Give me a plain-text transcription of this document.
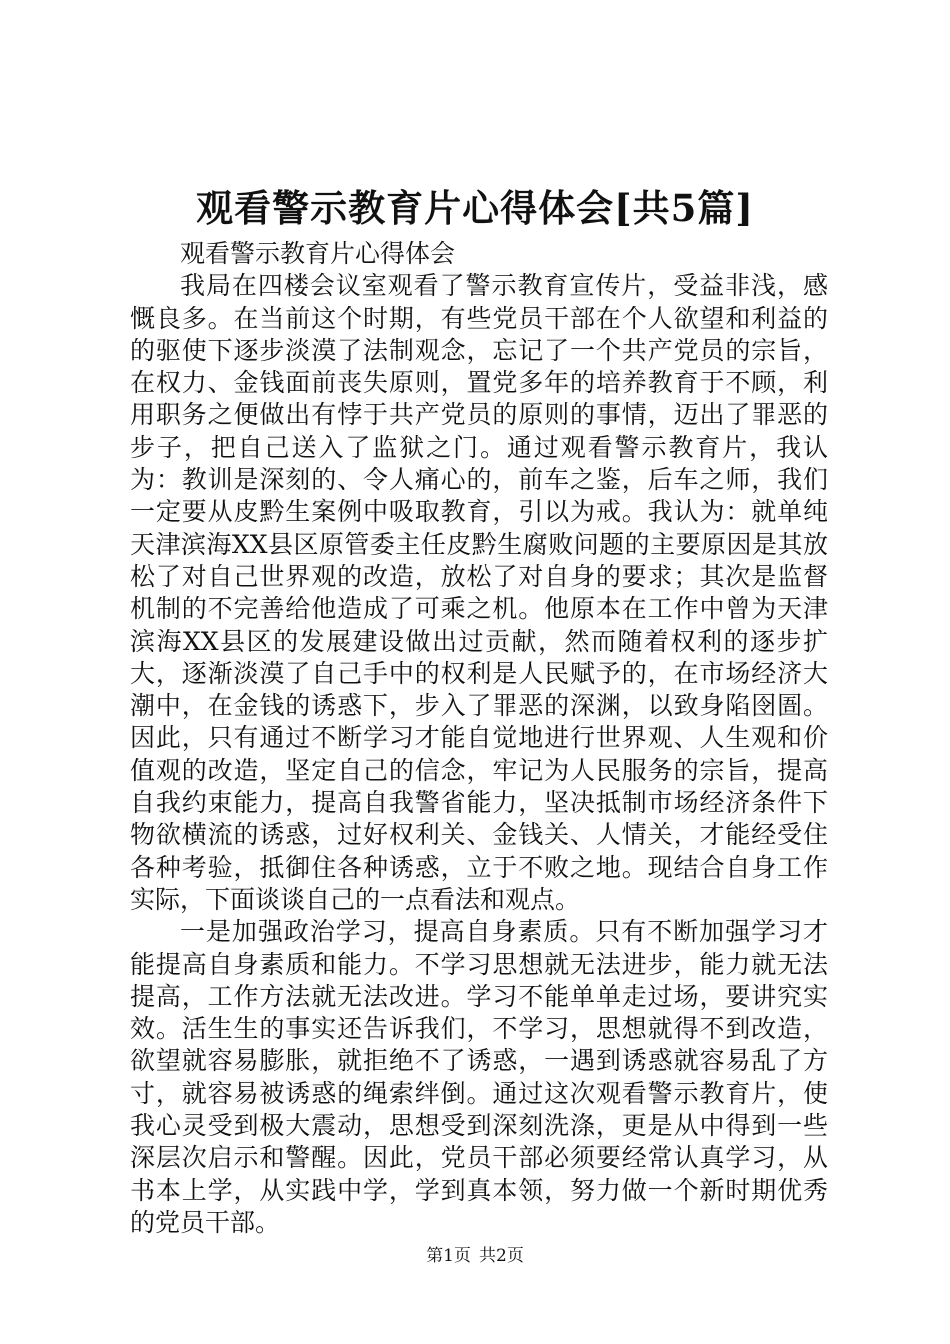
观看警示教育片心得体会[共5篇]

观看警示教育片心得体会

我局在四楼会议室观看了警示教育宣传片，受益非浅，感慨良多。在当前这个时期，有些党员干部在个人欲望和利益的的驱使下逐步淡漠了法制观念，忘记了一个共产党员的宗旨，在权力、金钱面前丧失原则，置党多年的培养教育于不顾，利用职务之便做出有悖于共产党员的原则的事情，迈出了罪恶的步子，把自己送入了监狱之门。通过观看警示教育片，我认为：教训是深刻的、令人痛心的，前车之鉴，后车之师，我们一定要从皮黔生案例中吸取教育，引以为戒。我认为：就单纯天津滨海XX县区原管委主任皮黔生腐败问题的主要原因是其放松了对自己世界观的改造，放松了对自身的要求；其次是监督机制的不完善给他造成了可乘之机。他原本在工作中曾为天津滨海XX县区的发展建设做出过贡献，然而随着权利的逐步扩大，逐渐淡漠了自己手中的权利是人民赋予的，在市场经济大潮中，在金钱的诱惑下，步入了罪恶的深渊，以致身陷囹圄。因此，只有通过不断学习才能自觉地进行世界观、人生观和价值观的改造，坚定自己的信念，牢记为人民服务的宗旨，提高自我约束能力，提高自我警省能力，坚决抵制市场经济条件下物欲横流的诱惑，过好权利关、金钱关、人情关，才能经受住各种考验，抵御住各种诱惑，立于不败之地。现结合自身工作实际，下面谈谈自己的一点看法和观点。

一是加强政治学习，提高自身素质。只有不断加强学习才能提高自身素质和能力。不学习思想就无法进步，能力就无法提高，工作方法就无法改进。学习不能单单走过场，要讲究实效。活生生的事实还告诉我们，不学习，思想就得不到改造，欲望就容易膨胀，就拒绝不了诱惑，一遇到诱惑就容易乱了方寸，就容易被诱惑的绳索绊倒。通过这次观看警示教育片，使我心灵受到极大震动，思想受到深刻洗涤，更是从中得到一些深层次启示和警醒。因此，党员干部必须要经常认真学习，从书本上学，从实践中学，学到真本领，努力做一个新时期优秀的党员干部。

第1页 共2页
